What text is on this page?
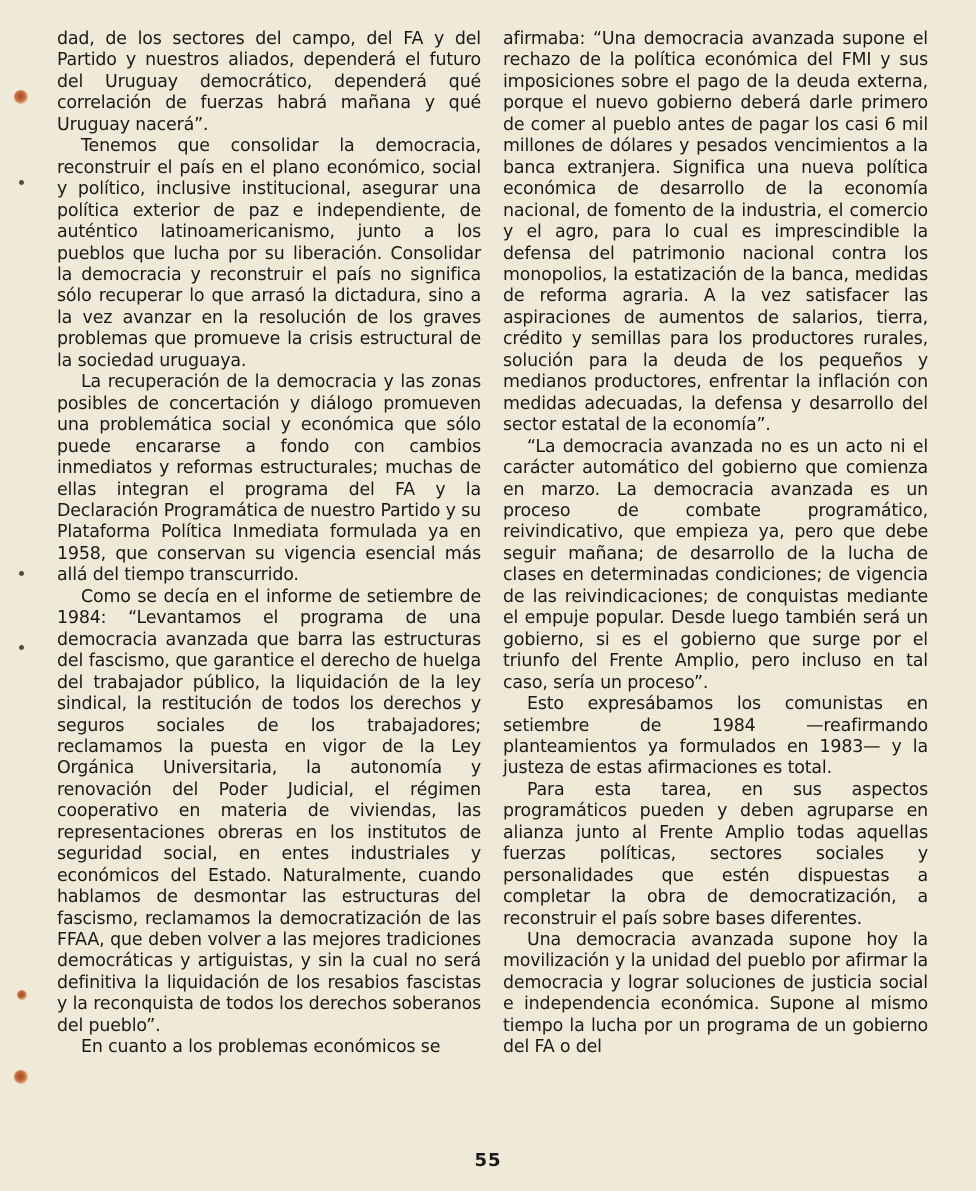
dad, de los sectores del campo, del FA y del Partido y nuestros aliados, dependerá el futuro del Uruguay democrático, dependerá qué correlación de fuerzas habrá mañana y qué Uruguay nacerá”.

Tenemos que consolidar la democracia, reconstruir el país en el plano económico, social y político, inclusive institucional, asegurar una política exterior de paz e independiente, de auténtico latinoamericanismo, junto a los pueblos que lucha por su liberación. Consolidar la democracia y reconstruir el país no significa sólo recuperar lo que arrasó la dictadura, sino a la vez avanzar en la resolución de los graves problemas que promueve la crisis estructural de la sociedad uruguaya.

La recuperación de la democracia y las zonas posibles de concertación y diálogo promueven una problemática social y económica que sólo puede encararse a fondo con cambios inmediatos y reformas estructurales; muchas de ellas integran el programa del FA y la Declaración Programática de nuestro Partido y su Plataforma Política Inmediata formulada ya en 1958, que conservan su vigencia esencial más allá del tiempo transcurrido.

Como se decía en el informe de setiembre de 1984: “Levantamos el programa de una democracia avanzada que barra las estructuras del fascismo, que garantice el derecho de huelga del trabajador público, la liquidación de la ley sindical, la restitución de todos los derechos y seguros sociales de los trabajadores; reclamamos la puesta en vigor de la Ley Orgánica Universitaria, la autonomía y renovación del Poder Judicial, el régimen cooperativo en materia de viviendas, las representaciones obreras en los institutos de seguridad social, en entes industriales y económicos del Estado. Naturalmente, cuando hablamos de desmontar las estructuras del fascismo, reclamamos la democratización de las FFAA, que deben volver a las mejores tradiciones democráticas y artiguistas, y sin la cual no será definitiva la liquidación de los resabios fascistas y la reconquista de todos los derechos soberanos del pueblo”.

En cuanto a los problemas económicos se

afirmaba: “Una democracia avanzada supone el rechazo de la política económica del FMI y sus imposiciones sobre el pago de la deuda externa, porque el nuevo gobierno deberá darle primero de comer al pueblo antes de pagar los casi 6 mil millones de dólares y pesados vencimientos a la banca extranjera. Significa una nueva política económica de desarrollo de la economía nacional, de fomento de la industria, el comercio y el agro, para lo cual es imprescindible la defensa del patrimonio nacional contra los monopolios, la estatización de la banca, medidas de reforma agraria. A la vez satisfacer las aspiraciones de aumentos de salarios, tierra, crédito y semillas para los productores rurales, solución para la deuda de los pequeños y medianos productores, enfrentar la inflación con medidas adecuadas, la defensa y desarrollo del sector estatal de la economía”.

“La democracia avanzada no es un acto ni el carácter automático del gobierno que comienza en marzo. La democracia avanzada es un proceso de combate programático, reivindicativo, que empieza ya, pero que debe seguir mañana; de desarrollo de la lucha de clases en determinadas condiciones; de vigencia de las reivindicaciones; de conquistas mediante el empuje popular. Desde luego también será un gobierno, si es el gobierno que surge por el triunfo del Frente Amplio, pero incluso en tal caso, sería un proceso”.

Esto expresábamos los comunistas en setiembre de 1984 —reafirmando planteamientos ya formulados en 1983— y la justeza de estas afirmaciones es total.

Para esta tarea, en sus aspectos programáticos pueden y deben agruparse en alianza junto al Frente Amplio todas aquellas fuerzas políticas, sectores sociales y personalidades que estén dispuestas a completar la obra de democratización, a reconstruir el país sobre bases diferentes.

Una democracia avanzada supone hoy la movilización y la unidad del pueblo por afirmar la democracia y lograr soluciones de justicia social e independencia económica. Supone al mismo tiempo la lucha por un programa de un gobierno del FA o del

55
